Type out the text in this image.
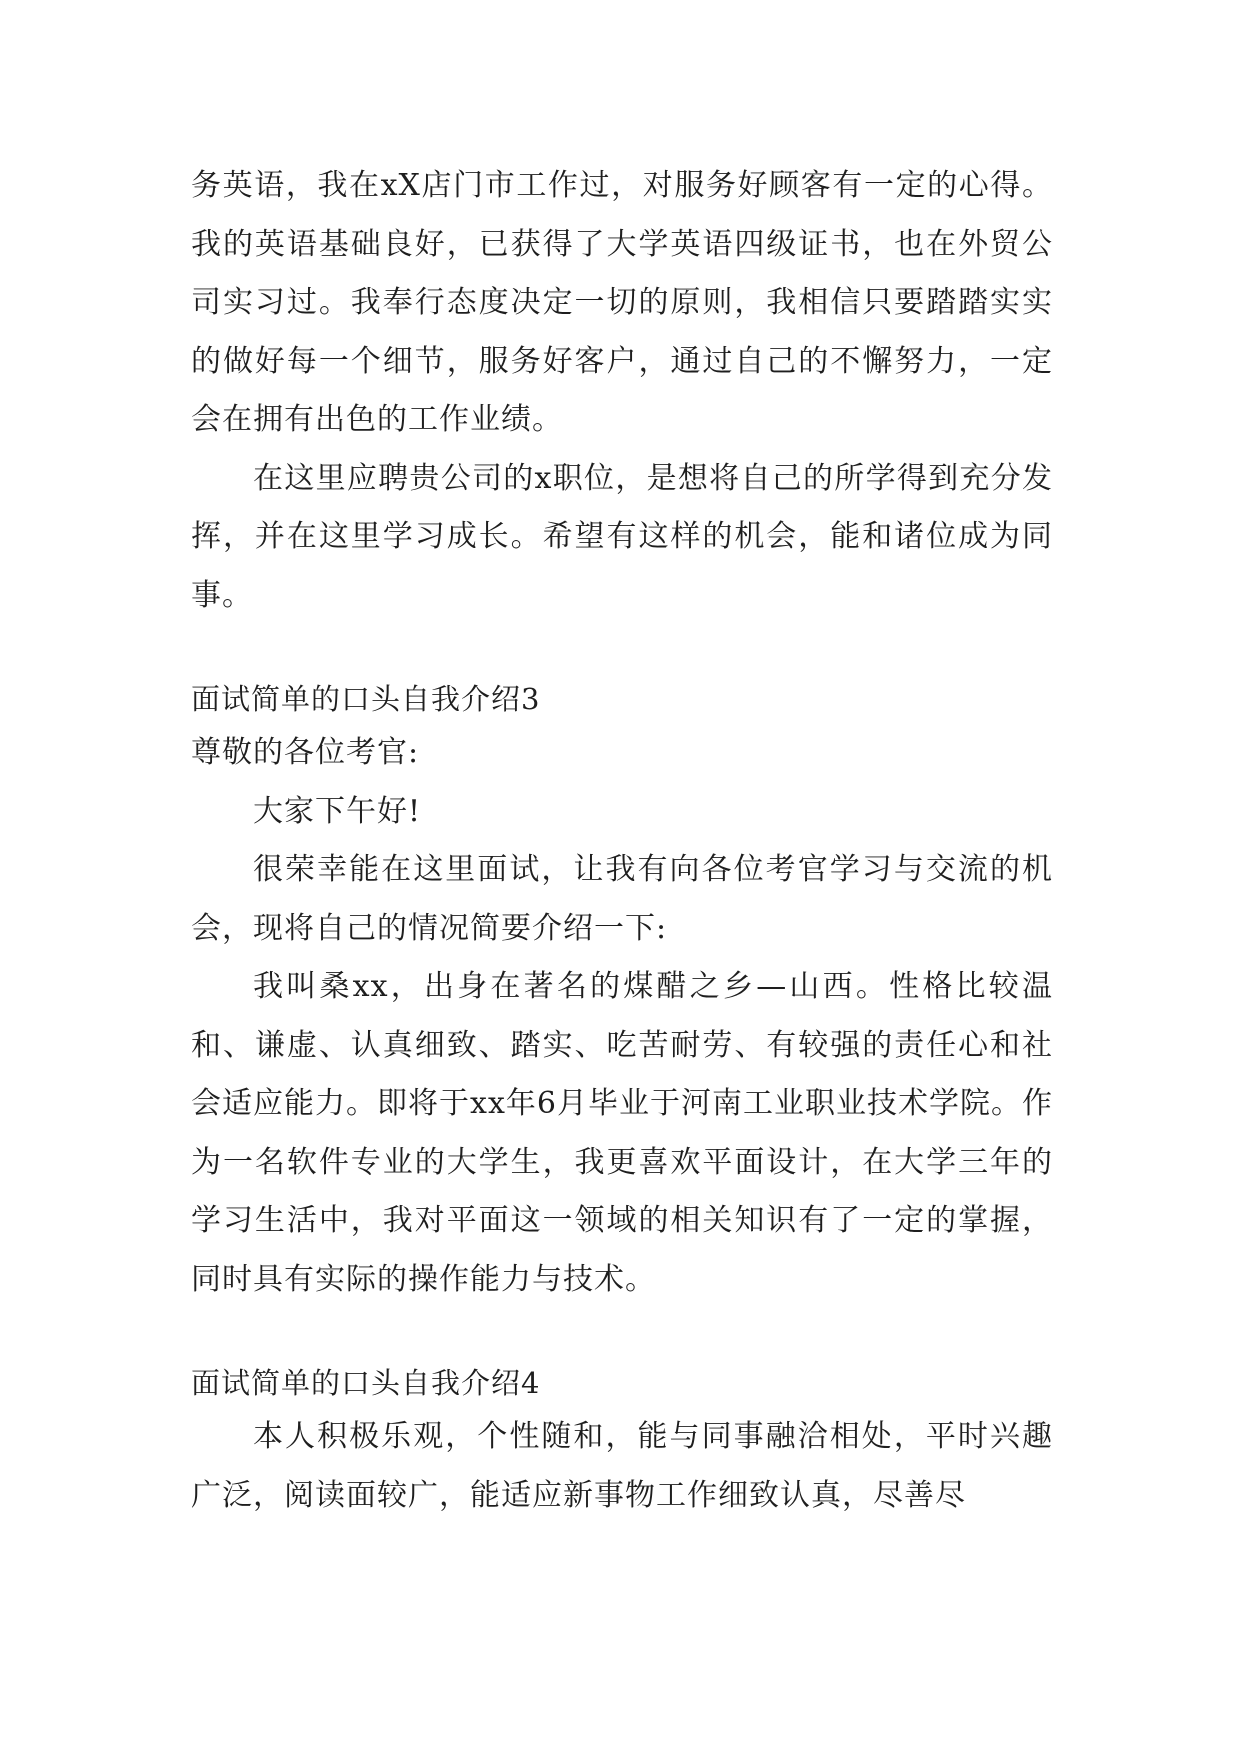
务英语，我在xX店门市工作过，对服务好顾客有一定的心得。我的英语基础良好，已获得了大学英语四级证书，也在外贸公司实习过。我奉行态度决定一切的原则，我相信只要踏踏实实的做好每一个细节，服务好客户，通过自己的不懈努力，一定会在拥有出色的工作业绩。

在这里应聘贵公司的x职位，是想将自己的所学得到充分发挥，并在这里学习成长。希望有这样的机会，能和诸位成为同事。

面试简单的口头自我介绍3

尊敬的各位考官:

大家下午好!

很荣幸能在这里面试，让我有向各位考官学习与交流的机会，现将自己的情况简要介绍一下:

我叫桑xx，出身在著名的煤醋之乡—山西。性格比较温和、谦虚、认真细致、踏实、吃苦耐劳、有较强的责任心和社会适应能力。即将于xx年6月毕业于河南工业职业技术学院。作为一名软件专业的大学生，我更喜欢平面设计，在大学三年的学习生活中，我对平面这一领域的相关知识有了一定的掌握，同时具有实际的操作能力与技术。

面试简单的口头自我介绍4

本人积极乐观，个性随和，能与同事融洽相处，平时兴趣广泛，阅读面较广，能适应新事物工作细致认真，尽善尽
